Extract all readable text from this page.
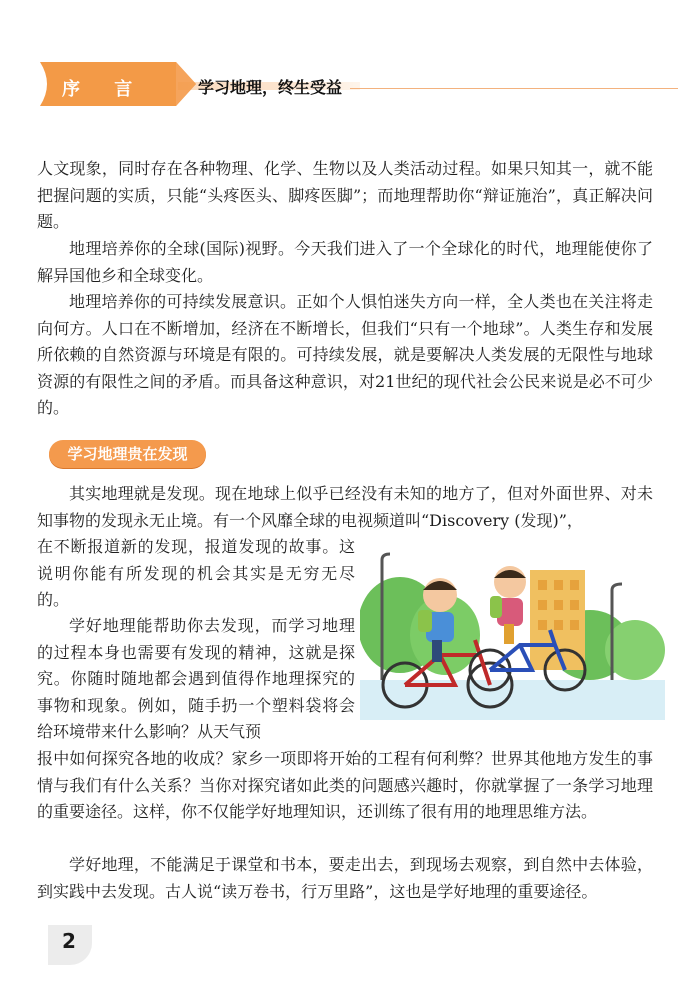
序 言	学习地理，终生受益

人文现象，同时存在各种物理、化学、生物以及人类活动过程。如果只知其一，就不能把握问题的实质，只能“头疼医头、脚疼医脚”；而地理帮助你“辩证施治”，真正解决问题。

地理培养你的全球(国际)视野。今天我们进入了一个全球化的时代，地理能使你了解异国他乡和全球变化。

地理培养你的可持续发展意识。正如个人惧怕迷失方向一样，全人类也在关注将走向何方。人口在不断增加，经济在不断增长，但我们“只有一个地球”。人类生存和发展所依赖的自然资源与环境是有限的。可持续发展，就是要解决人类发展的无限性与地球资源的有限性之间的矛盾。而具备这种意识，对21世纪的现代社会公民来说是必不可少的。

学习地理贵在发现

其实地理就是发现。现在地球上似乎已经没有未知的地方了，但对外面世界、对未知事物的发现永无止境。有一个风靡全球的电视频道叫“Discovery (发现)”，

在不断报道新的发现，报道发现的故事。这说明你能有所发现的机会其实是无穷无尽的。

学好地理能帮助你去发现，而学习地理的过程本身也需要有发现的精神，这就是探究。你随时随地都会遇到值得作地理探究的事物和现象。例如，随手扔一个塑料袋将会给环境带来什么影响？从天气预

报中如何探究各地的收成？家乡一项即将开始的工程有何利弊？世界其他地方发生的事情与我们有什么关系？当你对探究诸如此类的问题感兴趣时，你就掌握了一条学习地理的重要途径。这样，你不仅能学好地理知识，还训练了很有用的地理思维方法。

学好地理，不能满足于课堂和书本，要走出去，到现场去观察，到自然中去体验，到实践中去发现。古人说“读万卷书，行万里路”，这也是学好地理的重要途径。

2
